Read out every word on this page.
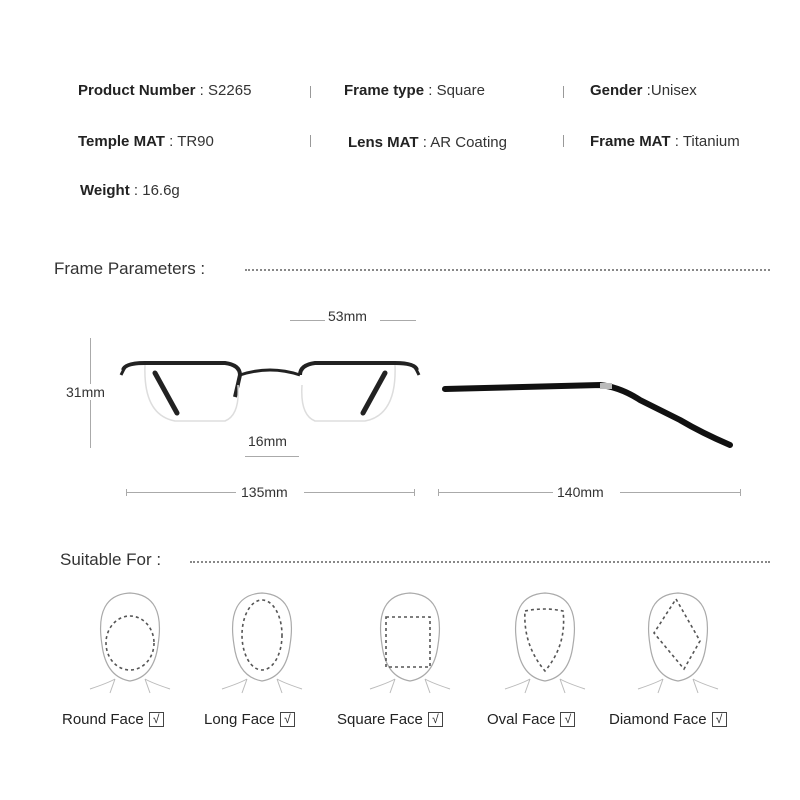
Product Number : S2265	Frame type : Square	Gender :Unisex
Temple MAT : TR90	Lens MAT : AR Coating	Frame MAT : Titanium
Weight : 16.6g
Frame Parameters :
53mm
31mm
16mm
135mm	140mm
Suitable For :
Round Face √	Long Face √	Square Face √	Oval Face √	Diamond Face √
